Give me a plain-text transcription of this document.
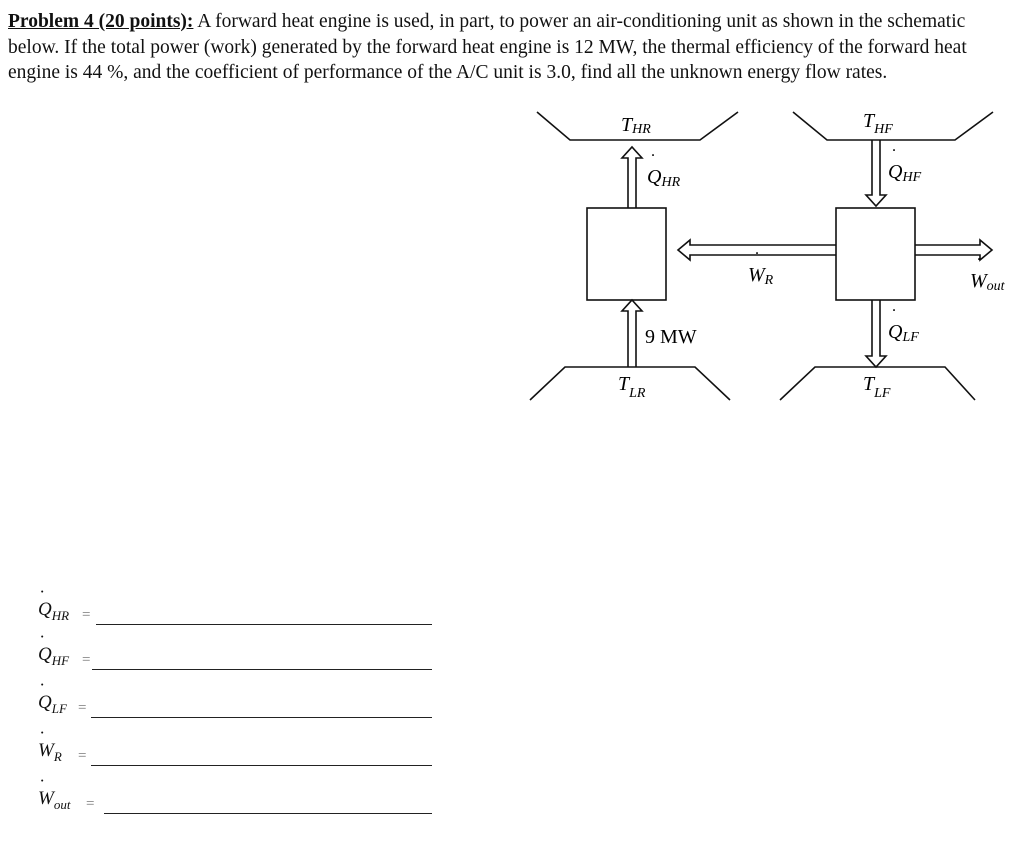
Problem 4 (20 points): A forward heat engine is used, in part, to power an air-conditioning unit as shown in the schematic below. If the total power (work) generated by the forward heat engine is 12 MW, the thermal efficiency of the forward heat engine is 44 %, and the coefficient of performance of the A/C unit is 3.0, find all the unknown energy flow rates.

THR	$T_{HF}$
$T_{LR}$	$T_{LF}$
QHR
˙
QHF
˙
9 MW	QLF
˙
WR
˙
Wout
˙
˙ $Q_{HR}$ =
˙ $Q_{HF}$ =
˙ $Q_{LF}$ =
˙ $W_R$ =
˙ $W_{out}$ =
